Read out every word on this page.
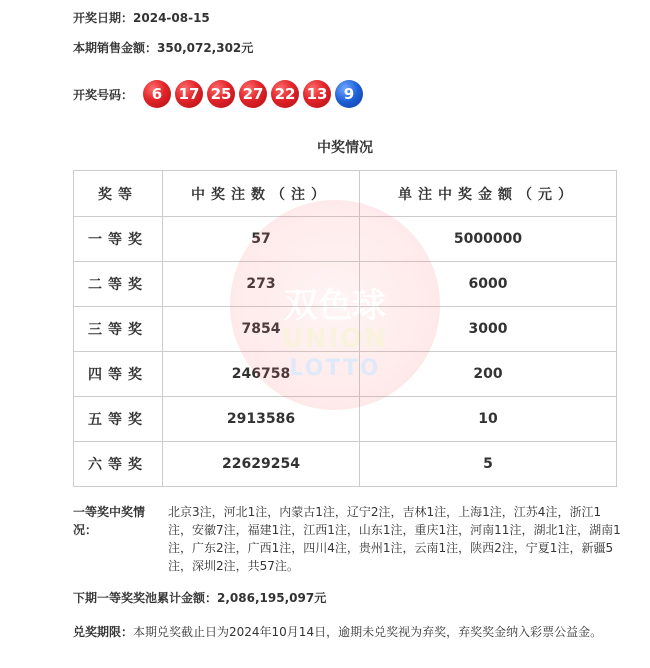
开奖日期：2024-08-15
本期销售金额：350,072,302元
开奖号码：	6	17 25 27 22 13	9
中奖情况
奖等	中奖注数（注）	单注中奖金额（元）
一等奖	57	5000000
二等奖	273	6000
三等奖	7854	3000
四等奖	246758	200
五等奖	2913586	10
六等奖	22629254	5
双色球
UNION
LOTTO
一等奖中奖情况：
北京3注，河北1注，内蒙古1注，辽宁2注，吉林1注，上海1注，江苏4注，浙江1注，安徽7注，福建1注，江西1注，山东1注，重庆1注，河南11注，湖北1注，湖南1注，广东2注，广西1注，四川4注，贵州1注，云南1注，陕西2注，宁夏1注，新疆5注，深圳2注，共57注。
下期一等奖奖池累计金额：2,086,195,097元
兑奖期限： 本期兑奖截止日为2024年10月14日，逾期未兑奖视为弃奖，弃奖奖金纳入彩票公益金。
